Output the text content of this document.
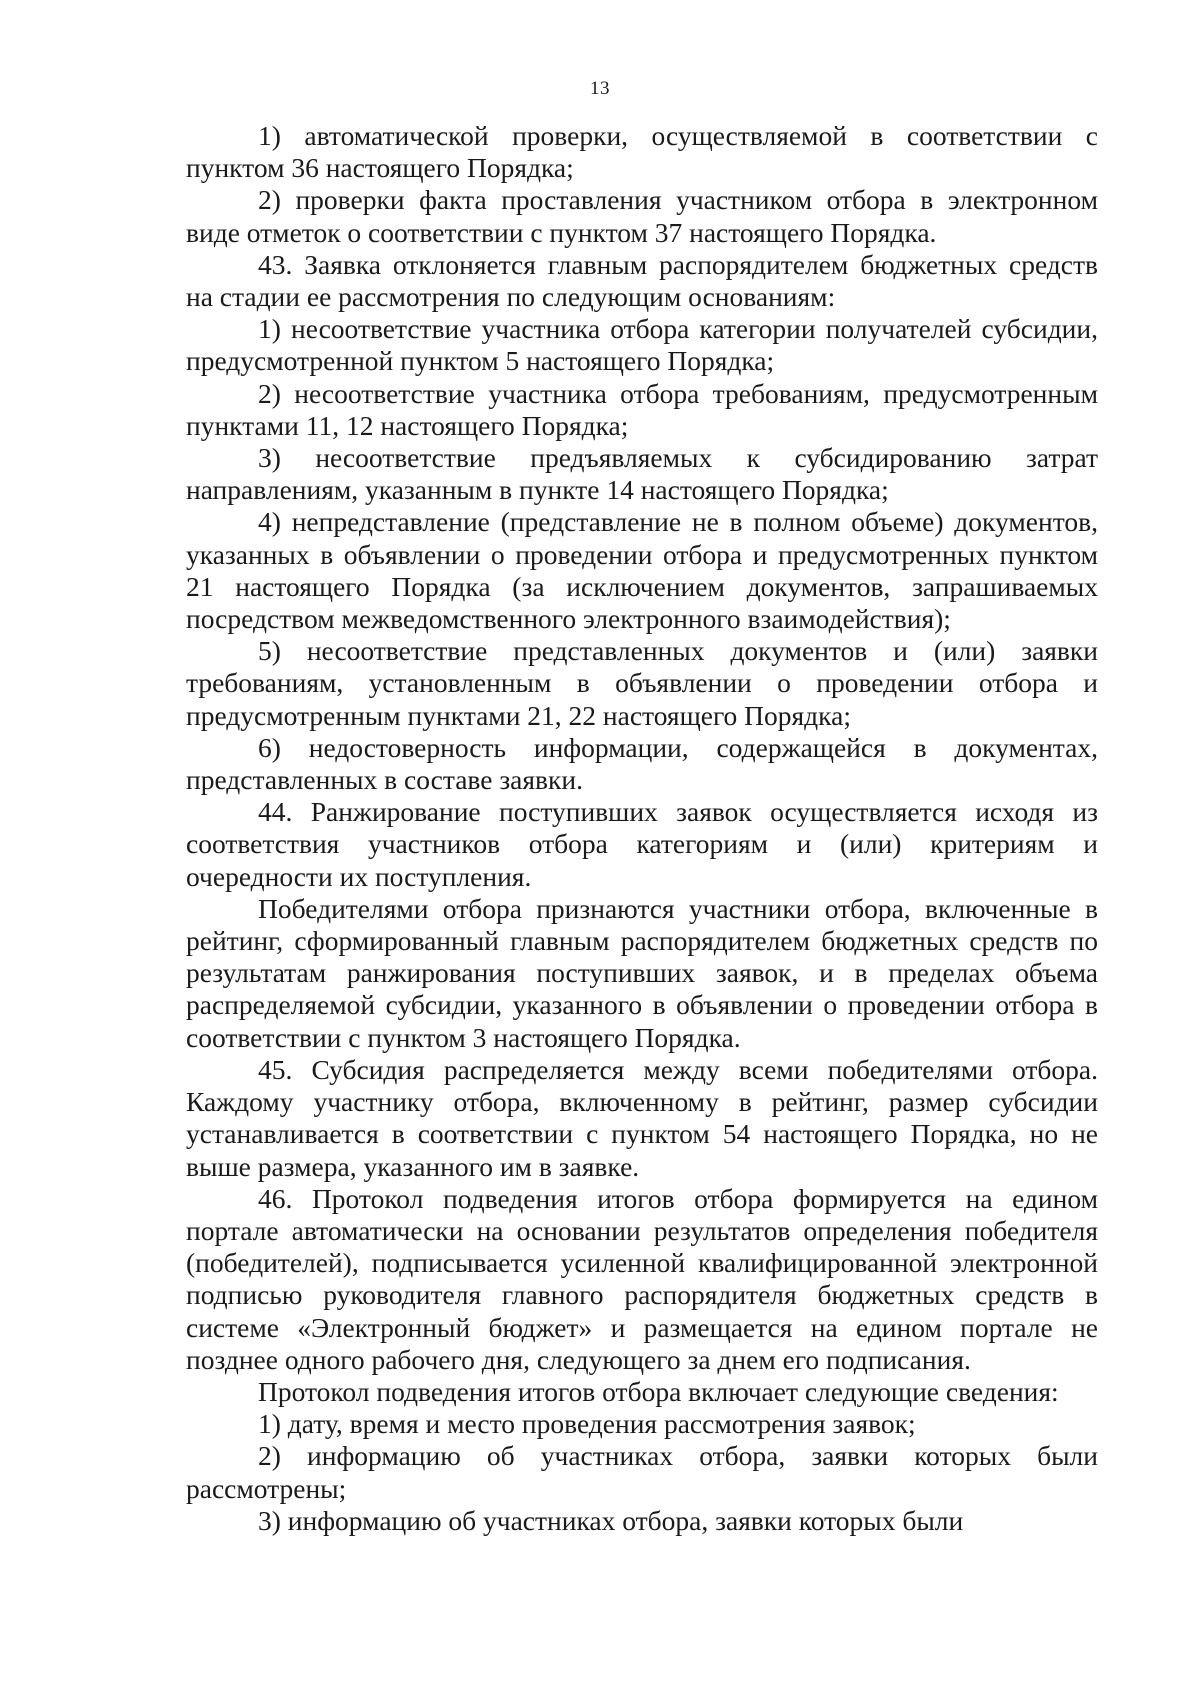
13

1) автоматической проверки, осуществляемой в соответствии с пунктом 36 настоящего Порядка;

2) проверки факта проставления участником отбора в электронном виде отметок о соответствии с пунктом 37 настоящего Порядка.

43. Заявка отклоняется главным распорядителем бюджетных средств на стадии ее рассмотрения по следующим основаниям:

1) несоответствие участника отбора категории получателей субсидии, предусмотренной пунктом 5 настоящего Порядка;

2) несоответствие участника отбора требованиям, предусмотренным пунктами 11, 12 настоящего Порядка;

3) несоответствие предъявляемых к субсидированию затрат направлениям, указанным в пункте 14 настоящего Порядка;

4) непредставление (представление не в полном объеме) документов, указанных в объявлении о проведении отбора и предусмотренных пунктом 21 настоящего Порядка (за исключением документов, запрашиваемых посредством межведомственного электронного взаимодействия);

5) несоответствие представленных документов и (или) заявки требованиям, установленным в объявлении о проведении отбора и предусмотренным пунктами 21, 22 настоящего Порядка;

6) недостоверность информации, содержащейся в документах, представленных в составе заявки.

44. Ранжирование поступивших заявок осуществляется исходя из соответствия участников отбора категориям и (или) критериям и очередности их поступления.

Победителями отбора признаются участники отбора, включенные в рейтинг, сформированный главным распорядителем бюджетных средств по результатам ранжирования поступивших заявок, и в пределах объема распределяемой субсидии, указанного в объявлении о проведении отбора в соответствии с пунктом 3 настоящего Порядка.

45. Субсидия распределяется между всеми победителями отбора. Каждому участнику отбора, включенному в рейтинг, размер субсидии устанавливается в соответствии с пунктом 54 настоящего Порядка, но не выше размера, указанного им в заявке.

46. Протокол подведения итогов отбора формируется на едином портале автоматически на основании результатов определения победителя (победителей), подписывается усиленной квалифицированной электронной подписью руководителя главного распорядителя бюджетных средств в системе «Электронный бюджет» и размещается на едином портале не позднее одного рабочего дня, следующего за днем его подписания.

Протокол подведения итогов отбора включает следующие сведения:

1) дату, время и место проведения рассмотрения заявок;

2) информацию об участниках отбора, заявки которых были рассмотрены;

3) информацию об участниках отбора, заявки которых были
